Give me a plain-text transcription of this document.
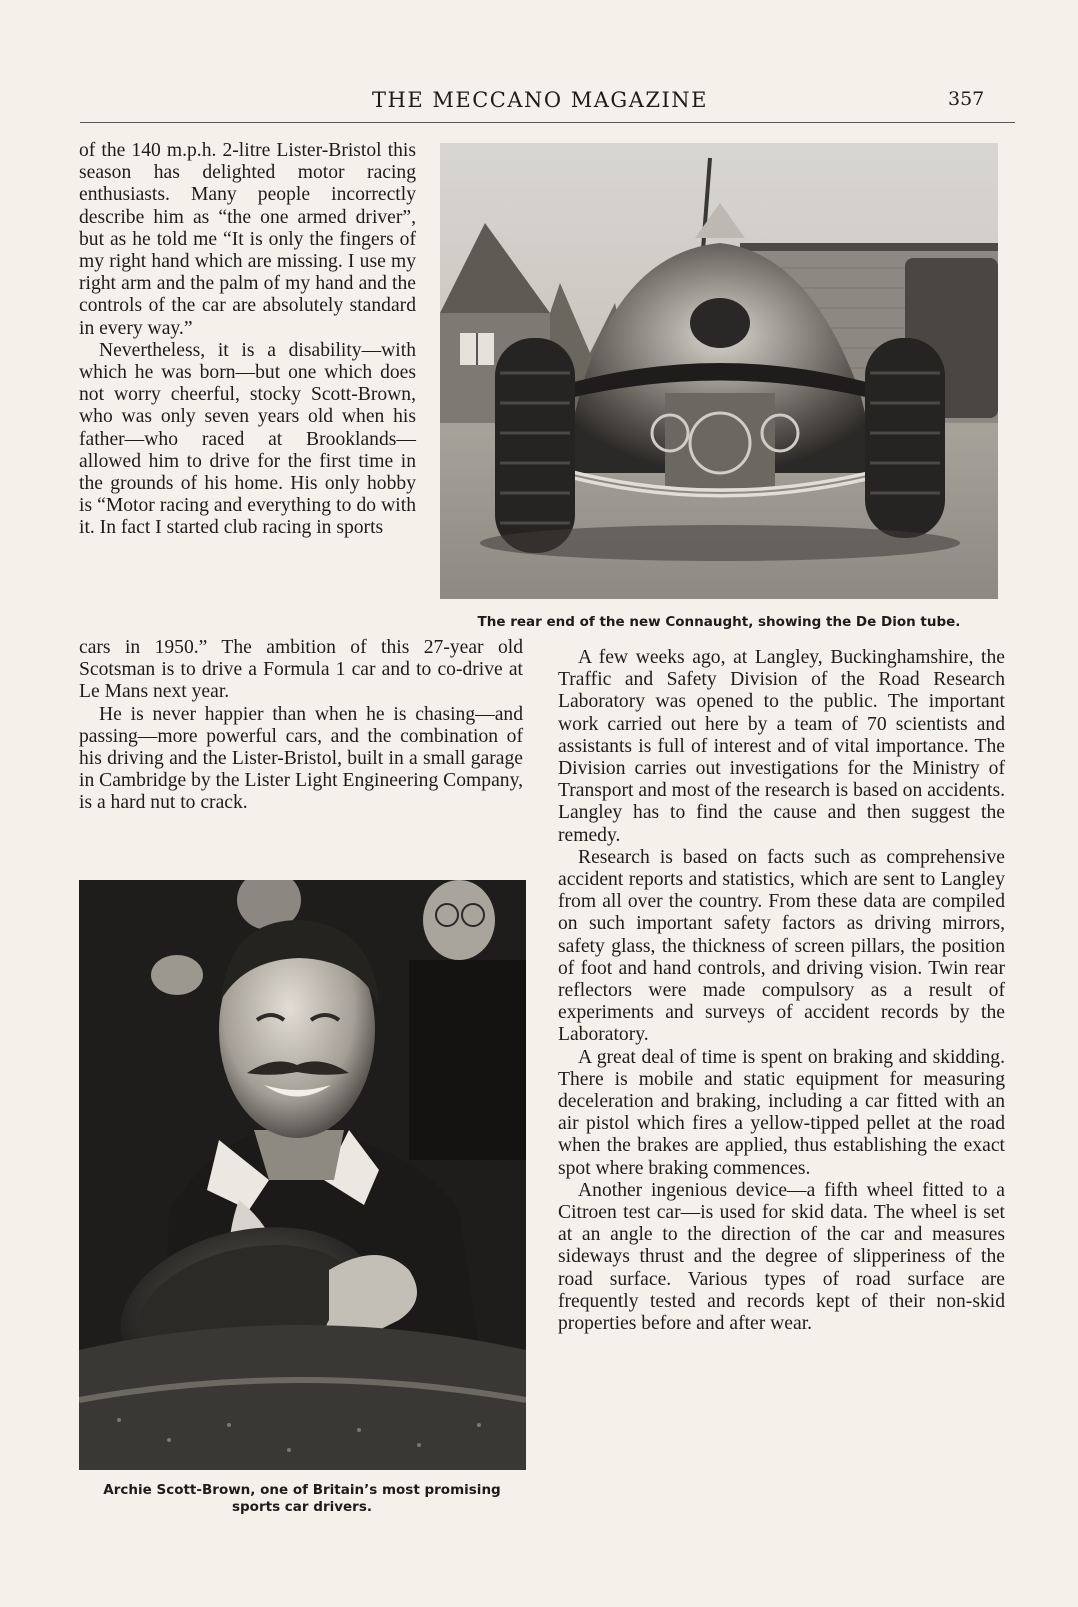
THE MECCANO MAGAZINE	357

of the 140 m.p.h. 2-litre Lister-Bristol this season has delighted motor racing enthusiasts. Many people incorrectly describe him as “the one armed driver”, but as he told me “It is only the fingers of my right hand which are missing. I use my right arm and the palm of my hand and the controls of the car are absolutely standard in every way.”

Nevertheless, it is a disability—with which he was born—but one which does not worry cheerful, stocky Scott-Brown, who was only seven years old when his father—who raced at Brooklands—allowed him to drive for the first time in the grounds of his home. His only hobby is “Motor racing and everything to do with it. In fact I started club racing in sports

cars in 1950.” The ambition of this 27-year old Scotsman is to drive a Formula 1 car and to co-drive at Le Mans next year.

He is never happier than when he is chasing—and passing—more powerful cars, and the combination of his driving and the Lister-Bristol, built in a small garage in Cambridge by the Lister Light Engineering Company, is a hard nut to crack.

A few weeks ago, at Langley, Buckinghamshire, the Traffic and Safety Division of the Road Research Laboratory was opened to the public. The important work carried out here by a team of 70 scientists and assistants is full of interest and of vital importance. The Division carries out investigations for the Ministry of Transport and most of the research is based on accidents. Langley has to find the cause and then suggest the remedy.

Research is based on facts such as comprehensive accident reports and statistics, which are sent to Langley from all over the country. From these data are compiled on such important safety factors as driving mirrors, safety glass, the thickness of screen pillars, the position of foot and hand controls, and driving vision. Twin rear reflectors were made compulsory as a result of experiments and surveys of accident records by the Laboratory.

A great deal of time is spent on braking and skidding. There is mobile and static equipment for measuring deceleration and braking, including a car fitted with an air pistol which fires a yellow-tipped pellet at the road when the brakes are applied, thus establishing the exact spot where braking commences.

Another ingenious device—a fifth wheel fitted to a Citroen test car—is used for skid data. The wheel is set at an angle to the direction of the car and measures sideways thrust and the degree of slipperiness of the road surface. Various types of road surface are frequently tested and records kept of their non-skid properties before and after wear.

The rear end of the new Connaught, showing the De Dion tube.
Archie Scott-Brown, one of Britain’s most promising
sports car drivers.
